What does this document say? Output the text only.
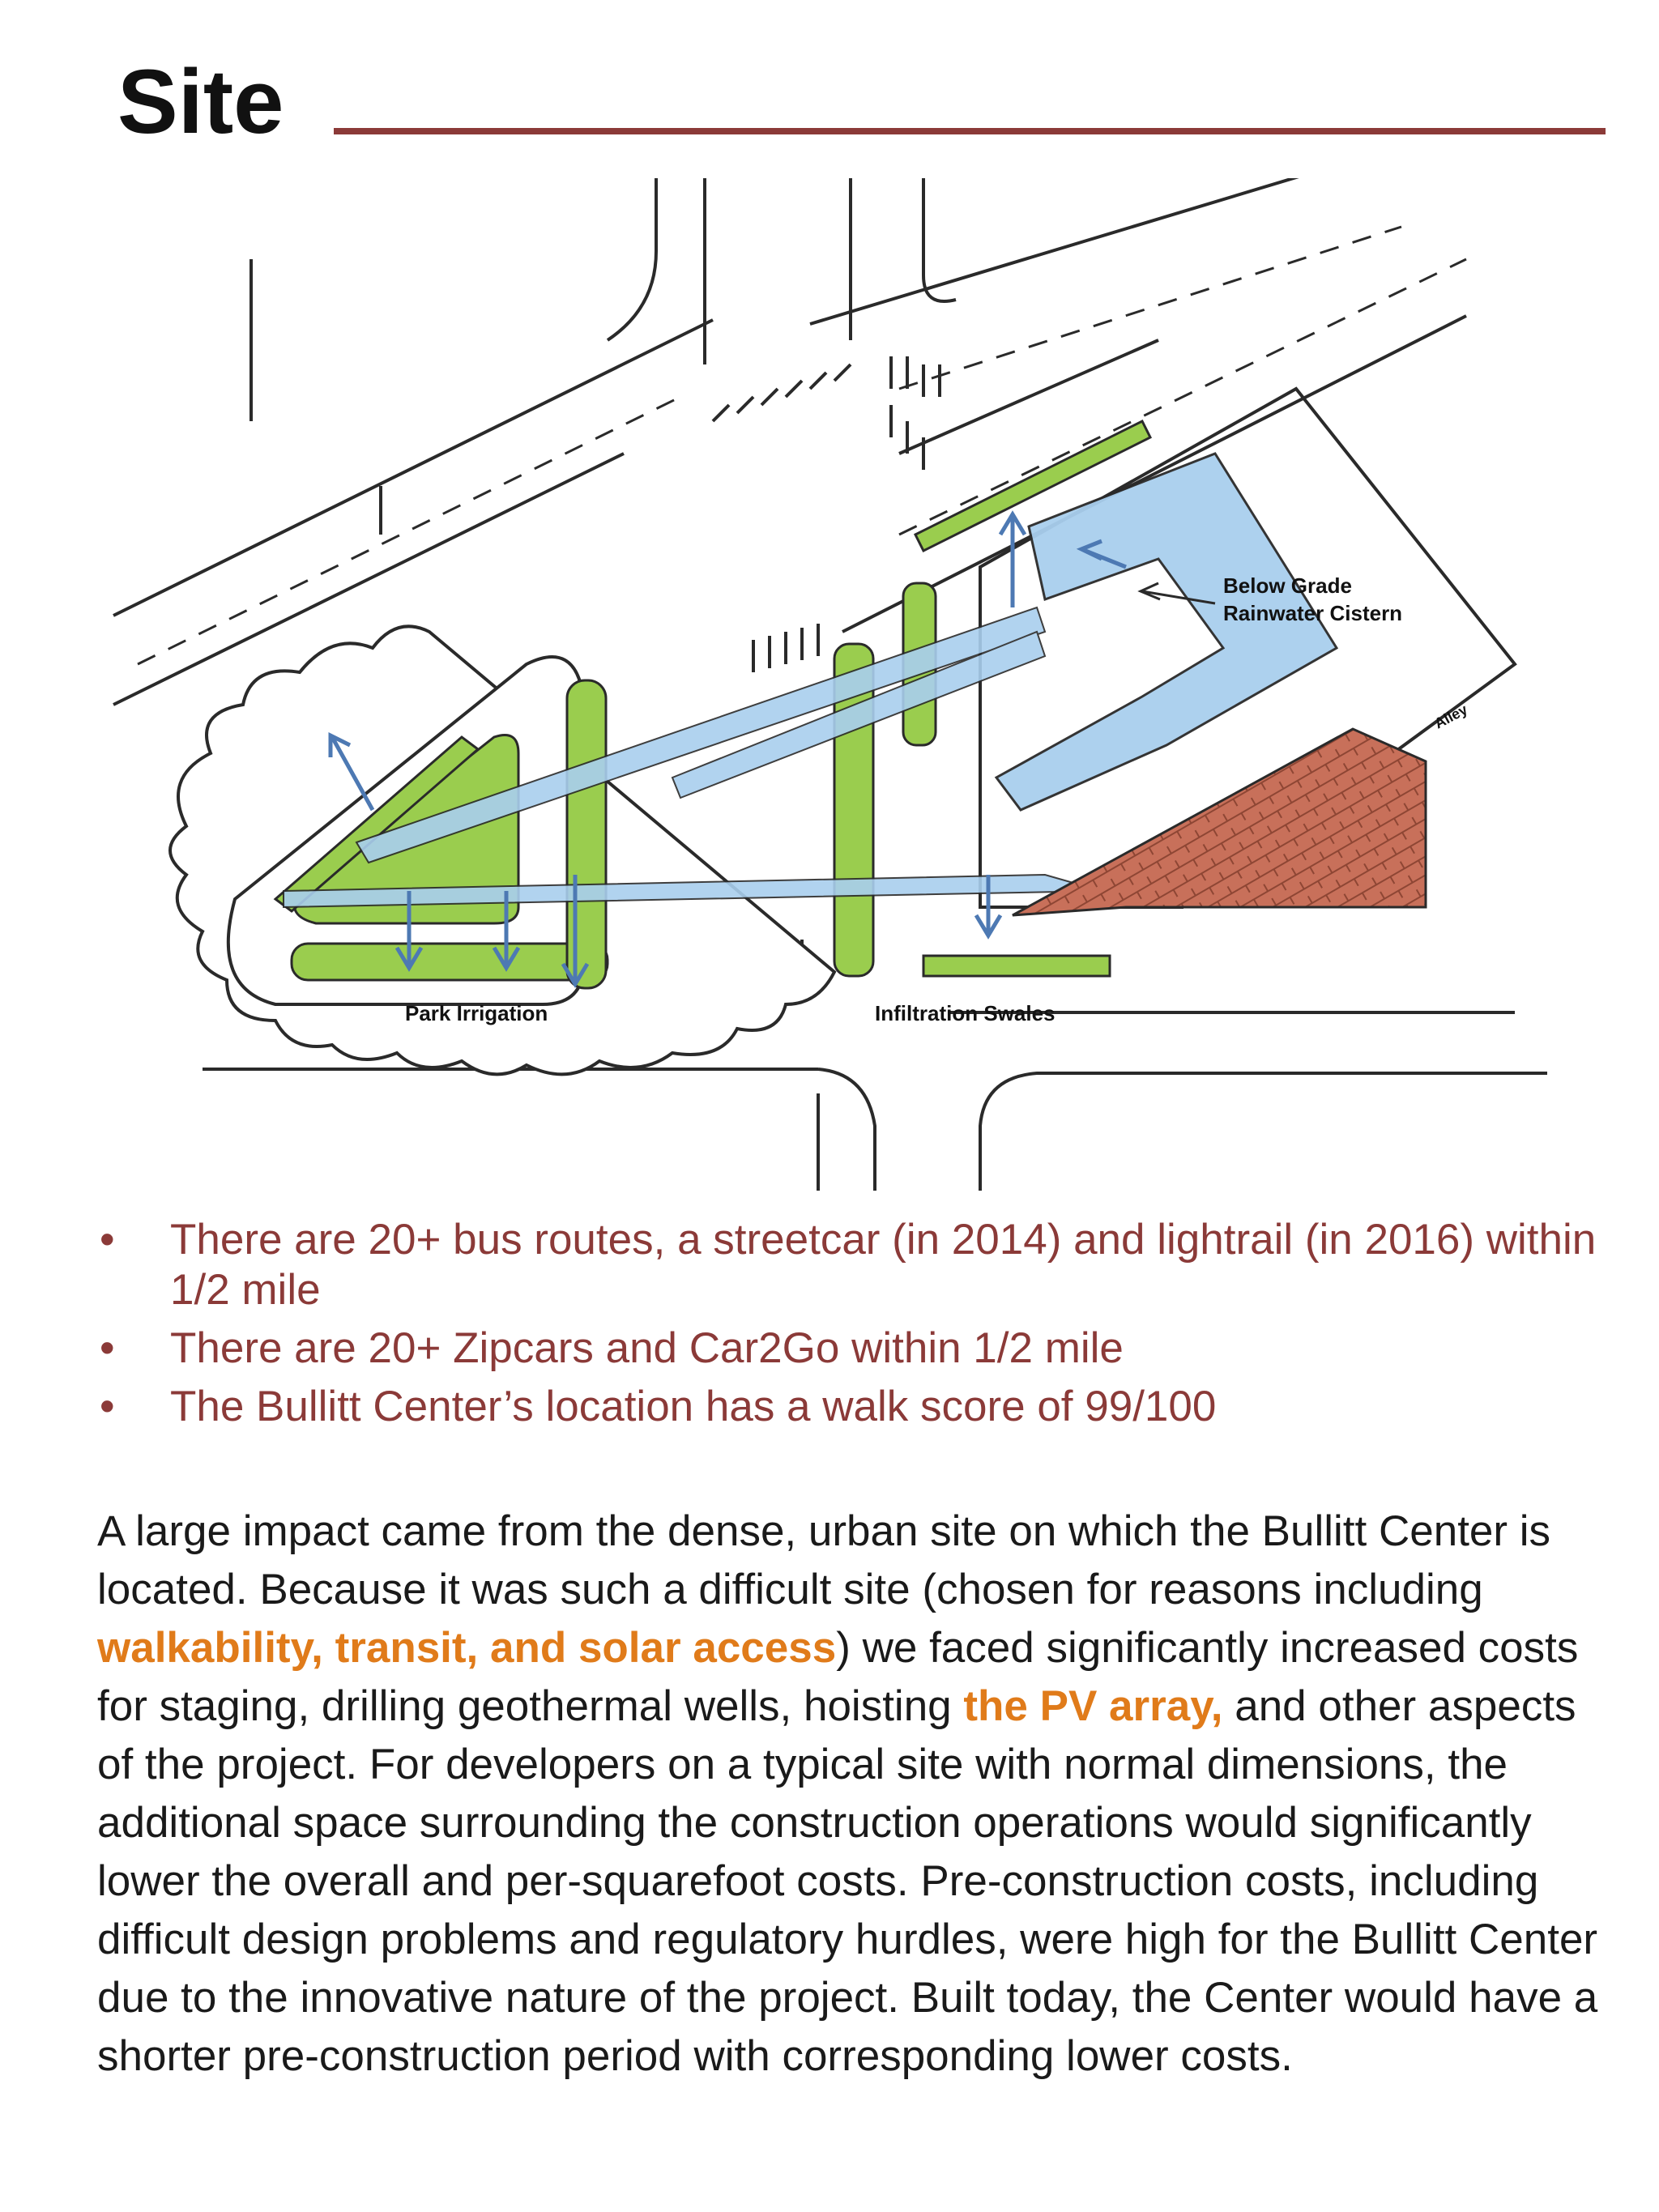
Site
Below Grade
Rainwater Cistern
Alley
Park Irrigation	Infiltration Swales
• There are 20+ bus routes, a streetcar (in 2014) and lightrail (in 2016) within 1/2 mile
• There are 20+ Zipcars and Car2Go within 1/2 mile
• The Bullitt Center’s location has a walk score of 99/100
A large impact came from the dense, urban site on which the Bullitt Center is located. Because it was such a difficult site (chosen for reasons including walkability, transit, and solar access) we faced significantly increased costs for staging, drilling geothermal wells, hoisting the PV array, and other aspects of the project. For developers on a typical site with normal dimensions, the additional space surrounding the construction operations would significantly lower the overall and per-squarefoot costs. Pre-construction costs, including difficult design problems and regulatory hurdles, were high for the Bullitt Center due to the innovative nature of the project. Built today, the Center would have a shorter pre-construction period with corresponding lower costs.
